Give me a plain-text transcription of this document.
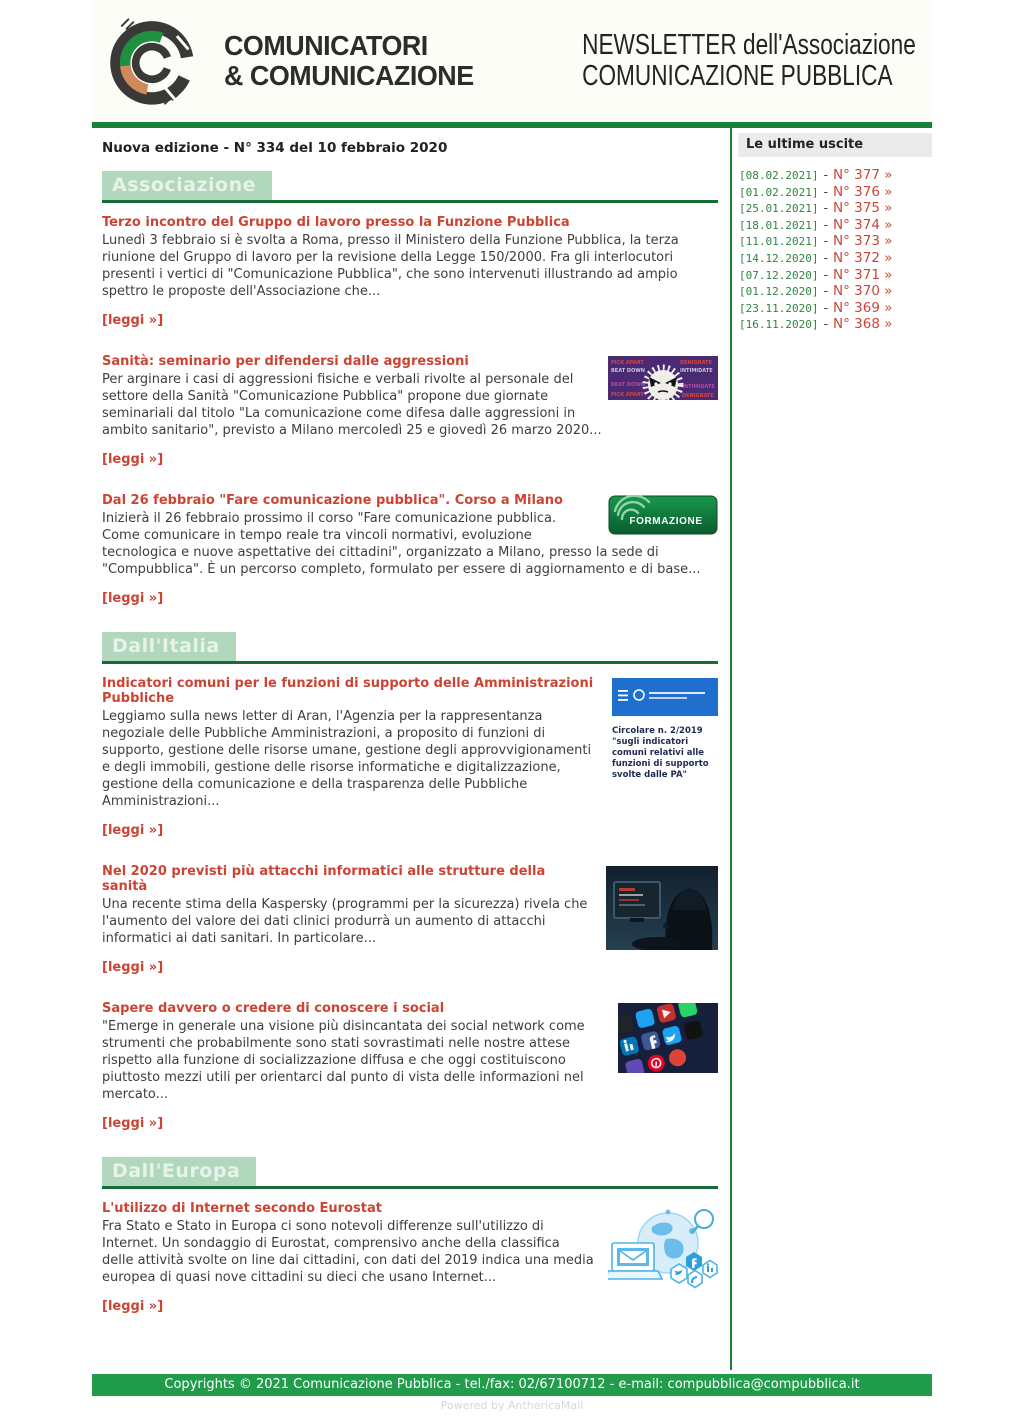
COMUNICATORI
& COMUNICAZIONE
NEWSLETTER dell'Associazione
COMUNICAZIONE PUBBLICA
Nuova edizione - N° 334 del 10 febbraio 2020
Associazione
Terzo incontro del Gruppo di lavoro presso la Funzione Pubblica

Lunedì 3 febbraio si è svolta a Roma, presso il Ministero della Funzione Pubblica, la terza riunione del Gruppo di lavoro per la revisione della Legge 150/2000. Fra gli interlocutori presenti i vertici di "Comunicazione Pubblica", che sono intervenuti illustrando ad ampio spettro le proposte dell'Associazione che...

[leggi »]
PICK APART
BEAT DOWN
DENIGRATE
INTIMIDATE
BEAT DOWN
PICK APART
INTIMIDATE
DENIGRATE
Sanità: seminario per difendersi dalle aggressioni

Per arginare i casi di aggressioni fisiche e verbali rivolte al personale del settore della Sanità "Comunicazione Pubblica" propone due giornate seminariali dal titolo "La comunicazione come difesa dalle aggressioni in ambito sanitario", previsto a Milano mercoledì 25 e giovedì 26 marzo 2020...

[leggi »]
FORMAZIONE
Dal 26 febbraio "Fare comunicazione pubblica". Corso a Milano

Inizierà il 26 febbraio prossimo il corso "Fare comunicazione pubblica. Come comunicare in tempo reale tra vincoli normativi, evoluzione tecnologica e nuove aspettative dei cittadini", organizzato a Milano, presso la sede di "Compubblica". È un percorso completo, formulato per essere di aggiornamento e di base...

[leggi »]
Dall'Italia

Circolare n. 2/2019 "sugli indicatori comuni relativi alle funzioni di supporto svolte dalle PA"

Indicatori comuni per le funzioni di supporto delle Amministrazioni Pubbliche

Leggiamo sulla news letter di Aran, l'Agenzia per la rappresentanza negoziale delle Pubbliche Amministrazioni, a proposito di funzioni di supporto, gestione delle risorse umane, gestione degli approvvigionamenti e degli immobili, gestione delle risorse informatiche e digitalizzazione, gestione della comunicazione e della trasparenza delle Pubbliche Amministrazioni...

[leggi »]
Nel 2020 previsti più attacchi informatici alle strutture della sanità

Una recente stima della Kaspersky (programmi per la sicurezza) rivela che l'aumento del valore dei dati clinici produrrà un aumento di attacchi informatici ai dati sanitari. In particolare...

[leggi »]
Sapere davvero o credere di conoscere i social

"Emerge in generale una visione più disincantata dei social network come strumenti che probabilmente sono stati sovrastimati nelle nostre attese rispetto alla funzione di socializzazione diffusa e che oggi costituiscono piuttosto mezzi utili per orientarci dal punto di vista delle informazioni nel mercato...

[leggi »]
Dall'Europa
L'utilizzo di Internet secondo Eurostat

Fra Stato e Stato in Europa ci sono notevoli differenze sull'utilizzo di Internet. Un sondaggio di Eurostat, comprensivo anche della classifica delle attività svolte on line dai cittadini, con dati del 2019 indica una media europea di quasi nove cittadini su dieci che usano Internet...

[leggi »]
Le ultime uscite
[08.02.2021] - N° 377 »
[01.02.2021] - N° 376 »
[25.01.2021] - N° 375 »
[18.01.2021] - N° 374 »
[11.01.2021] - N° 373 »
[14.12.2020] - N° 372 »
[07.12.2020] - N° 371 »
[01.12.2020] - N° 370 »
[23.11.2020] - N° 369 »
[16.11.2020] - N° 368 »
Copyrights © 2021 Comunicazione Pubblica - tel./fax: 02/67100712 - e-mail: compubblica@compubblica.it
Powered by AnthericaMail
